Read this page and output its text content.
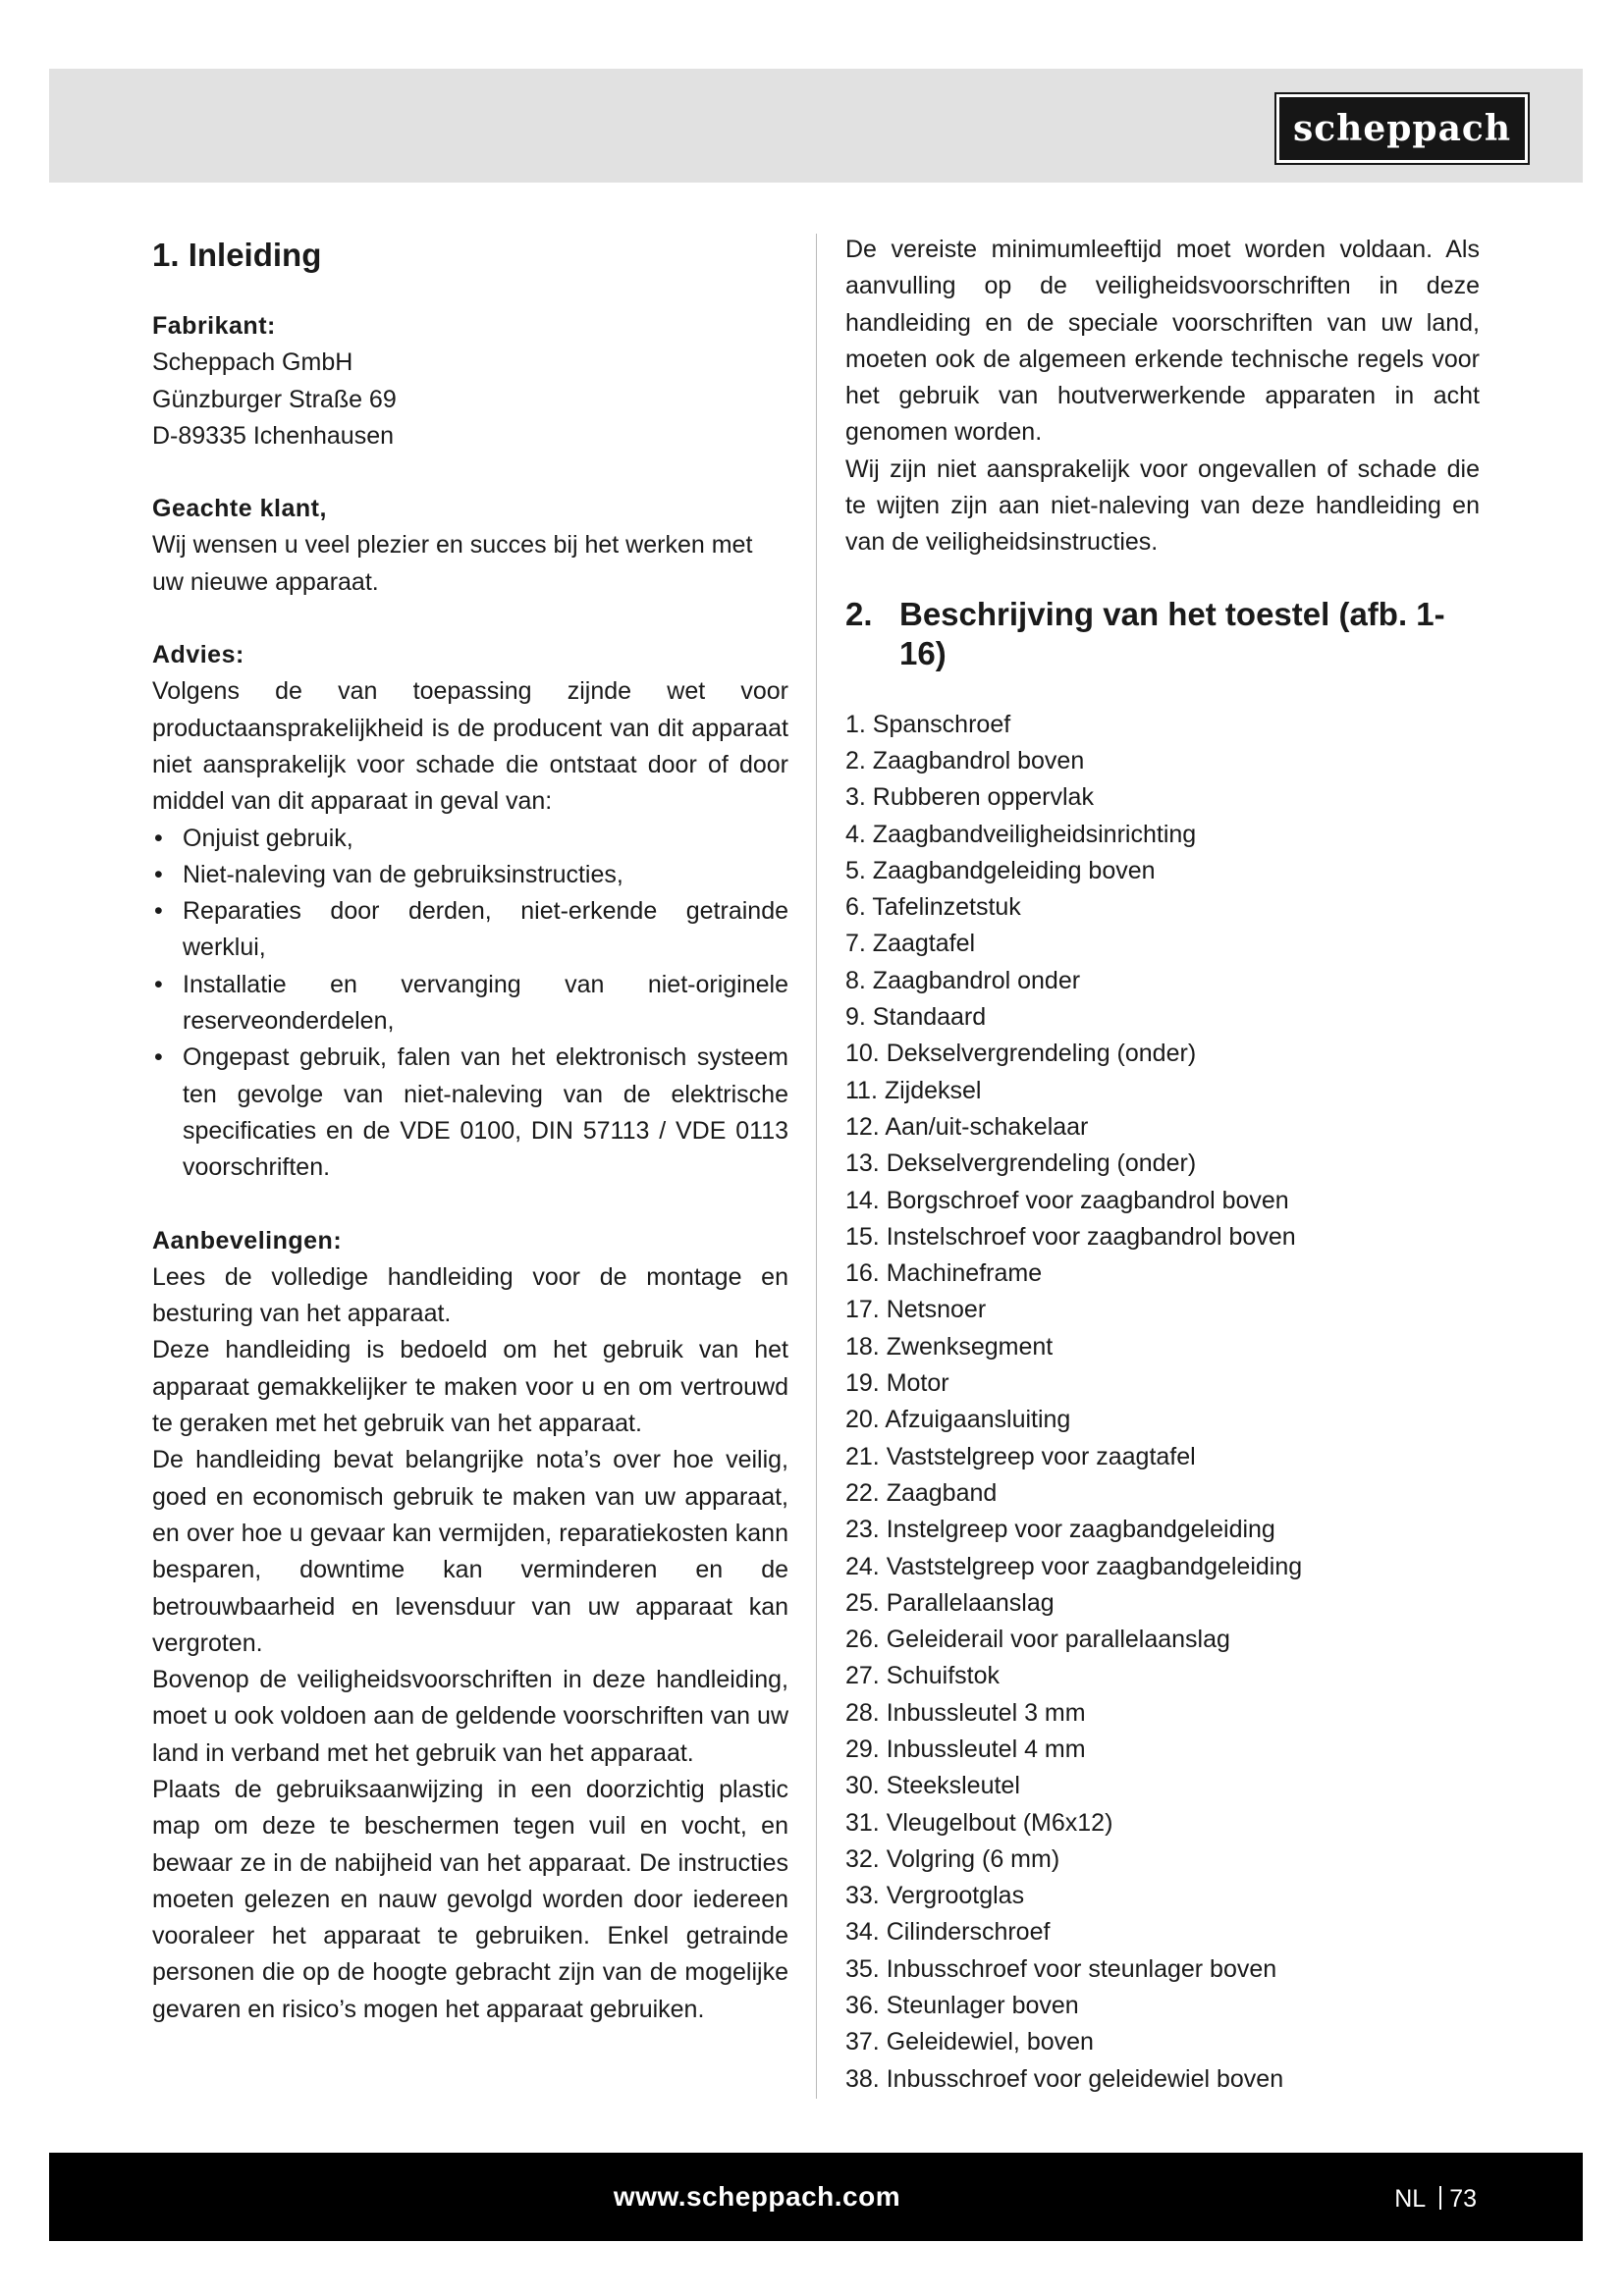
scheppach
1. Inleiding

Fabrikant:

Scheppach GmbH

Günzburger Straße 69

D-89335 Ichenhausen

Geachte klant,

Wij wensen u veel plezier en succes bij het werken met uw nieuwe apparaat.

Advies:

Volgens de van toepassing zijnde wet voor productaansprakelijkheid is de producent van dit apparaat niet aansprakelijk voor schade die ontstaat door of door middel van dit apparaat in geval van:

• Onjuist gebruik,
• Niet-naleving van de gebruiksinstructies,
• Reparaties door derden, niet-erkende getrainde werklui,
• Installatie en vervanging van niet-originele reserveonderdelen,
• Ongepast gebruik, falen van het elektronisch systeem ten gevolge van niet-naleving van de elektrische specificaties en de VDE 0100, DIN 57113 / VDE 0113 voorschriften.

Aanbevelingen:

Lees de volledige handleiding voor de montage en besturing van het apparaat.

Deze handleiding is bedoeld om het gebruik van het apparaat gemakkelijker te maken voor u en om vertrouwd te geraken met het gebruik van het apparaat.

De handleiding bevat belangrijke nota’s over hoe veilig, goed en economisch gebruik te maken van uw apparaat, en over hoe u gevaar kan vermijden, reparatiekosten kann besparen, downtime kan verminderen en de betrouwbaarheid en levensduur van uw apparaat kan vergroten.

Bovenop de veiligheidsvoorschriften in deze handleiding, moet u ook voldoen aan de geldende voorschriften van uw land in verband met het gebruik van het apparaat.

Plaats de gebruiksaanwijzing in een doorzichtig plastic map om deze te beschermen tegen vuil en vocht, en bewaar ze in de nabijheid van het apparaat. De instructies moeten gelezen en nauw gevolgd worden door iedereen vooraleer het apparaat te gebruiken. Enkel getrainde personen die op de hoogte gebracht zijn van de mogelijke gevaren en risico’s mogen het apparaat gebruiken.

De vereiste minimumleeftijd moet worden voldaan. Als aanvulling op de veiligheidsvoorschriften in deze handleiding en de speciale voorschriften van uw land, moeten ook de algemeen erkende technische regels voor het gebruik van houtverwerkende apparaten in acht genomen worden.

Wij zijn niet aansprakelijk voor ongevallen of schade die te wijten zijn aan niet-naleving van deze handleiding en van de veiligheidsinstructies.

2. Beschrijving van het toestel (afb. 1-16)
1. Spanschroef
2. Zaagbandrol boven
3. Rubberen oppervlak
4. Zaagbandveiligheidsinrichting
5. Zaagbandgeleiding boven
6. Tafelinzetstuk
7. Zaagtafel
8. Zaagbandrol onder
9. Standaard
10. Dekselvergrendeling (onder)
11. Zijdeksel
12. Aan/uit-schakelaar
13. Dekselvergrendeling (onder)
14. Borgschroef voor zaagbandrol boven
15. Instelschroef voor zaagbandrol boven
16. Machineframe
17. Netsnoer
18. Zwenksegment
19. Motor
20. Afzuigaansluiting
21. Vaststelgreep voor zaagtafel
22. Zaagband
23. Instelgreep voor zaagbandgeleiding
24. Vaststelgreep voor zaagbandgeleiding
25. Parallelaanslag
26. Geleiderail voor parallelaanslag
27. Schuifstok
28. Inbussleutel 3 mm
29. Inbussleutel 4 mm
30. Steeksleutel
31. Vleugelbout (M6x12)
32. Volgring (6 mm)
33. Vergrootglas
34. Cilinderschroef
35. Inbusschroef voor steunlager boven
36. Steunlager boven
37. Geleidewiel, boven
38. Inbusschroef voor geleidewiel boven
www.scheppach.com	NL 73
